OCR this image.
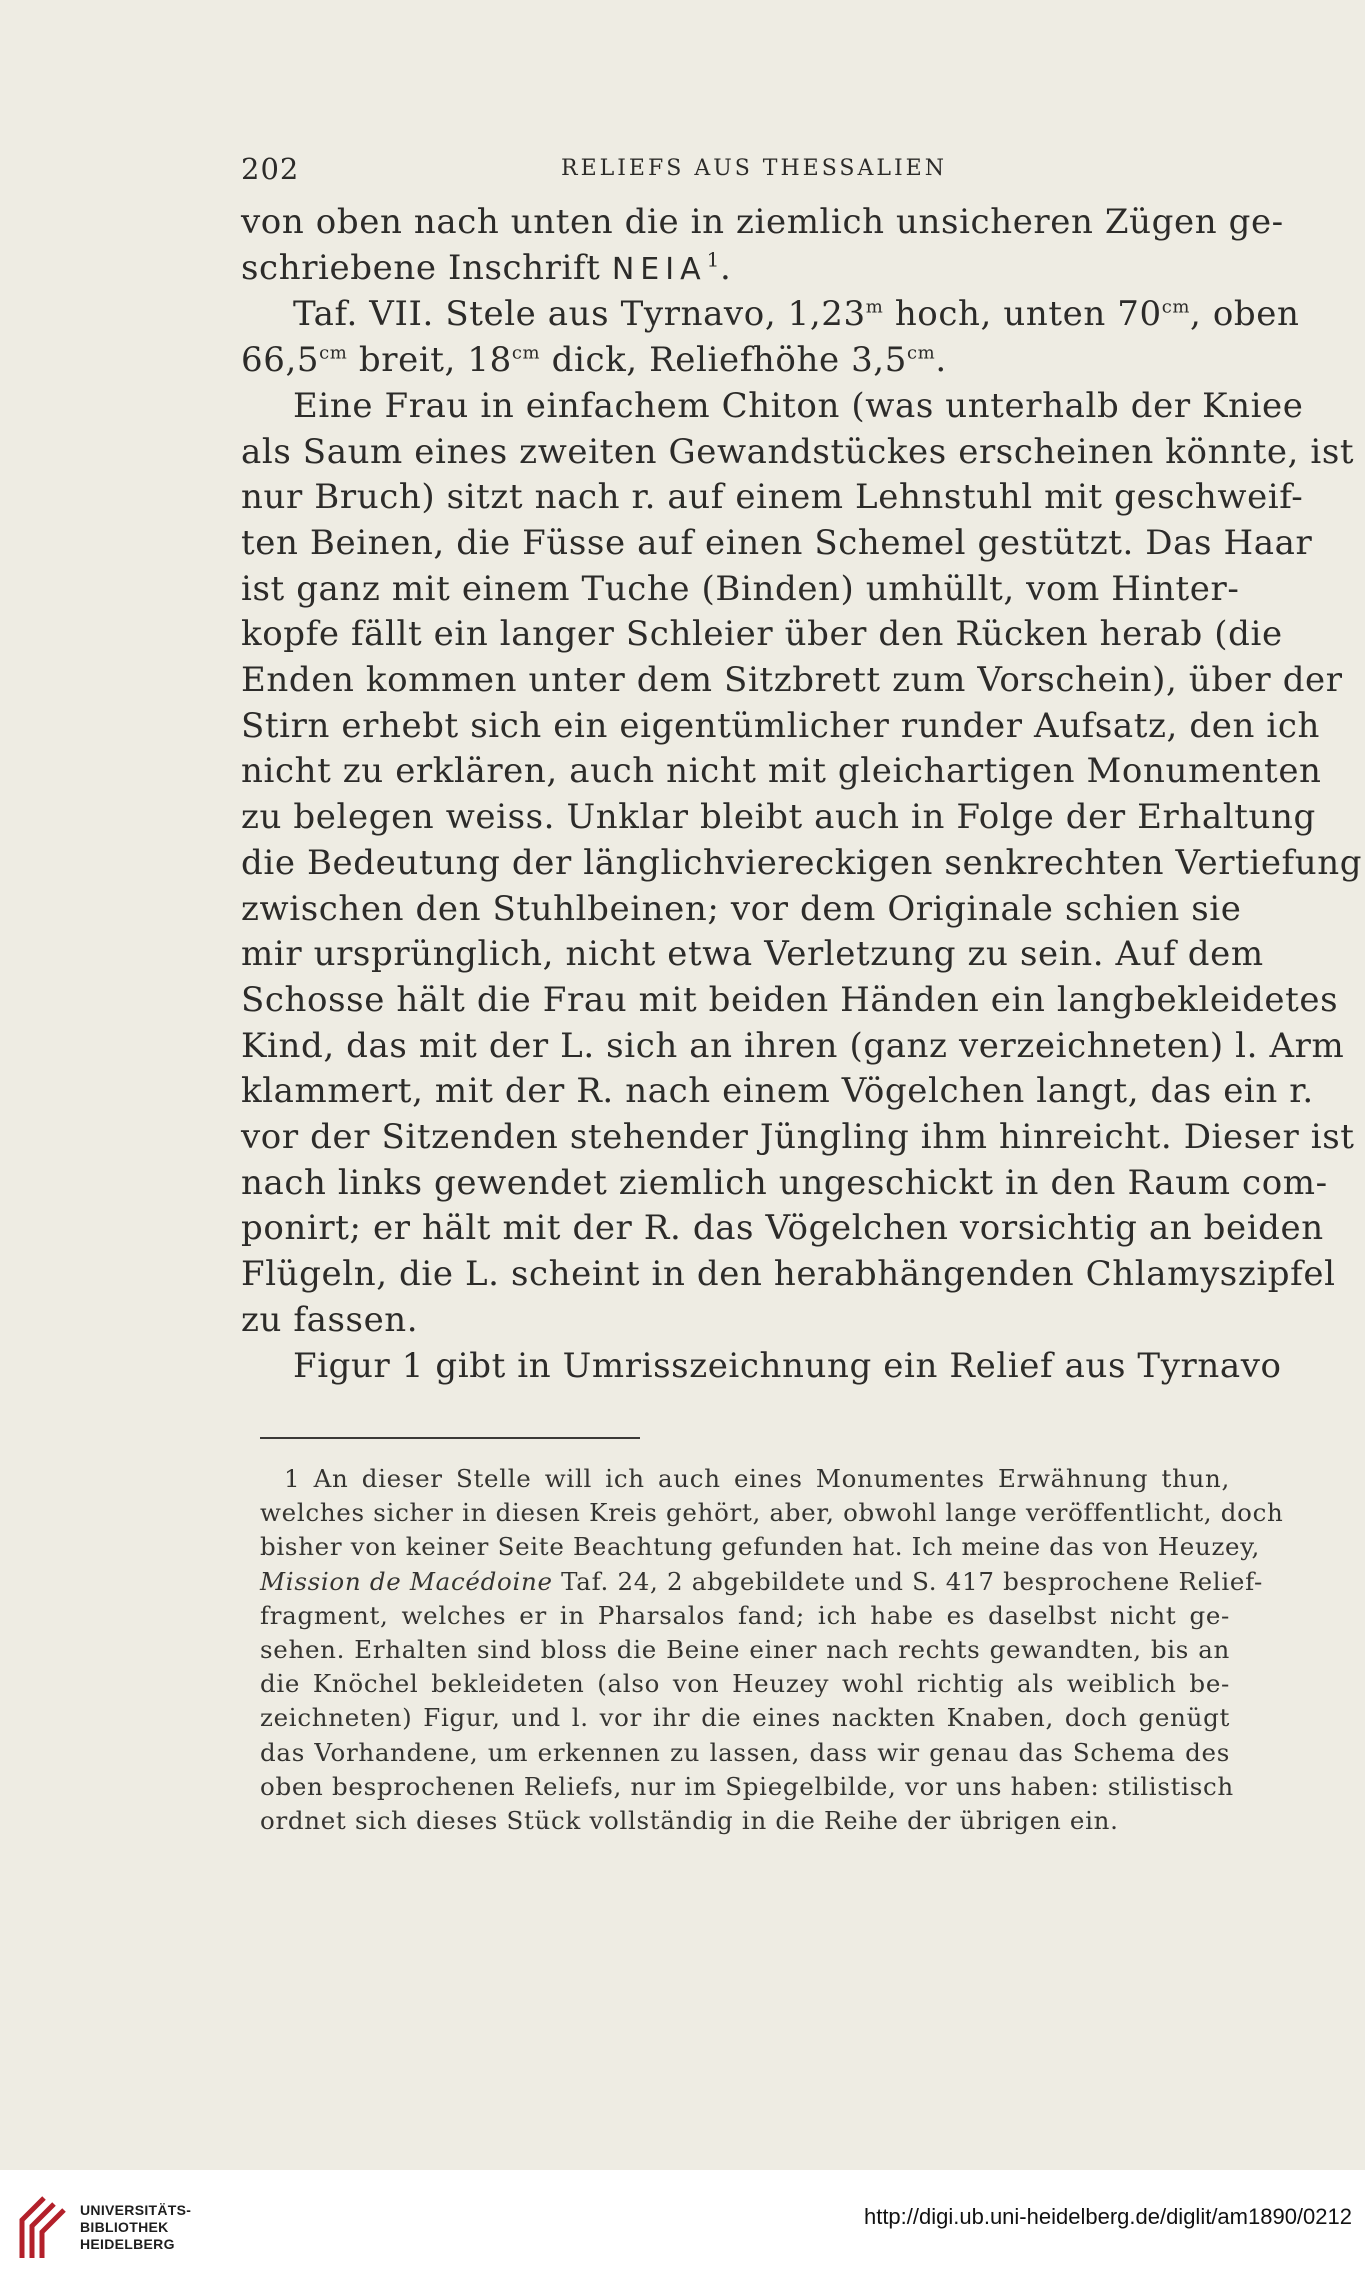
202	RELIEFS AUS THESSALIEN

von oben nach unten die in ziemlich unsicheren Zügen ge-
schriebene Inschrift NEIA$^1$.

Taf. VII. Stele aus Tyrnavo, 1,23$^m$ hoch, unten $70^{cm}$, oben
$66,5^{cm}$ breit, $18^{cm}$ dick, Reliefhöhe $3,5^{cm}$.

Eine Frau in einfachem Chiton (was unterhalb der Kniee
als Saum eines zweiten Gewandstückes erscheinen könnte, ist
nur Bruch) sitzt nach r. auf einem Lehnstuhl mit geschweif-
ten Beinen, die Füsse auf einen Schemel gestützt. Das Haar
ist ganz mit einem Tuche (Binden) umhüllt, vom Hinter-
kopfe fällt ein langer Schleier über den Rücken herab (die
Enden kommen unter dem Sitzbrett zum Vorschein), über der
Stirn erhebt sich ein eigentümlicher runder Aufsatz, den ich
nicht zu erklären, auch nicht mit gleichartigen Monumenten
zu belegen weiss. Unklar bleibt auch in Folge der Erhaltung
die Bedeutung der länglichviereckigen senkrechten Vertiefung
zwischen den Stuhlbeinen; vor dem Originale schien sie
mir ursprünglich, nicht etwa Verletzung zu sein. Auf dem
Schosse hält die Frau mit beiden Händen ein langbekleidetes
Kind, das mit der L. sich an ihren (ganz verzeichneten) l. Arm
klammert, mit der R. nach einem Vögelchen langt, das ein r.
vor der Sitzenden stehender Jüngling ihm hinreicht. Dieser ist
nach links gewendet ziemlich ungeschickt in den Raum com-
ponirt; er hält mit der R. das Vögelchen vorsichtig an beiden
Flügeln, die L. scheint in den herabhängenden Chlamyszipfel
zu fassen.

Figur 1 gibt in Umrisszeichnung ein Relief aus Tyrnavo

1 An dieser Stelle will ich auch eines Monumentes Erwähnung thun,
welches sicher in diesen Kreis gehört, aber, obwohl lange veröffentlicht, doch
bisher von keiner Seite Beachtung gefunden hat. Ich meine das von Heuzey,
Mission de Macédoine Taf. 24, 2 abgebildete und S. 417 besprochene Relief-
fragment, welches er in Pharsalos fand; ich habe es daselbst nicht ge-
sehen. Erhalten sind bloss die Beine einer nach rechts gewandten, bis an
die Knöchel bekleideten (also von Heuzey wohl richtig als weiblich be-
zeichneten) Figur, und l. vor ihr die eines nackten Knaben, doch genügt
das Vorhandene, um erkennen zu lassen, dass wir genau das Schema des
oben besprochenen Reliefs, nur im Spiegelbilde, vor uns haben: stilistisch
ordnet sich dieses Stück vollständig in die Reihe der übrigen ein.
UNIVERSITÄTS-
BIBLIOTHEK
HEIDELBERG
http://digi.ub.uni-heidelberg.de/diglit/am1890/0212
